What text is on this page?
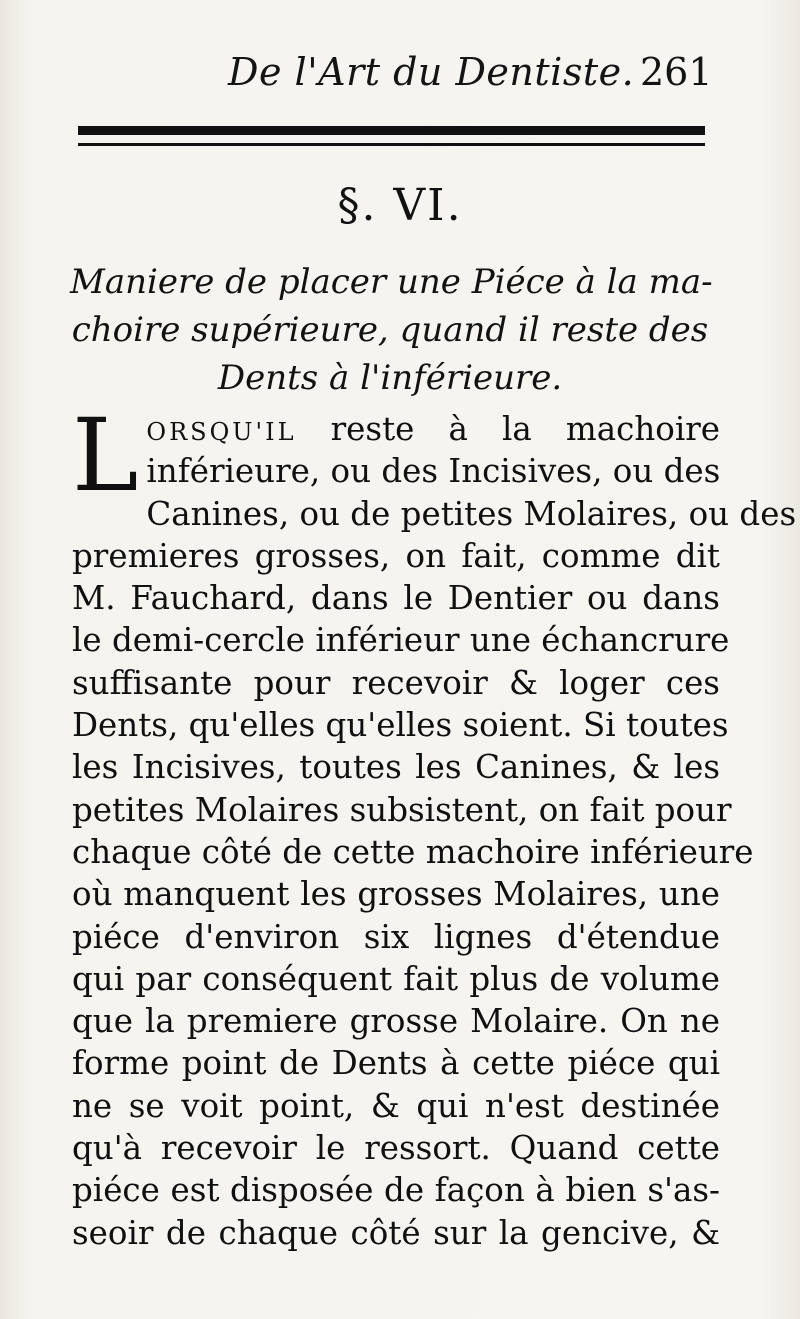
De l'Art du Dentiste. 261
§. VI.
Maniere de placer une Piéce à la ma-
choire supérieure, quand il reste des
Dents à l'inférieure.
L ORSQU'IL reste à la machoire
inférieure, ou des Incisives, ou des
Canines, ou de petites Molaires, ou des
premieres grosses, on fait, comme dit
M. Fauchard, dans le Dentier ou dans
le demi-cercle inférieur une échancrure
suffisante pour recevoir & loger ces
Dents, qu'elles qu'elles soient. Si toutes
les Incisives, toutes les Canines, & les
petites Molaires subsistent, on fait pour
chaque côté de cette machoire inférieure
où manquent les grosses Molaires, une
piéce d'environ six lignes d'étendue
qui par conséquent fait plus de volume
que la premiere grosse Molaire. On ne
forme point de Dents à cette piéce qui
ne se voit point, & qui n'est destinée
qu'à recevoir le ressort. Quand cette
piéce est disposée de façon à bien s'as-
seoir de chaque côté sur la gencive, &
